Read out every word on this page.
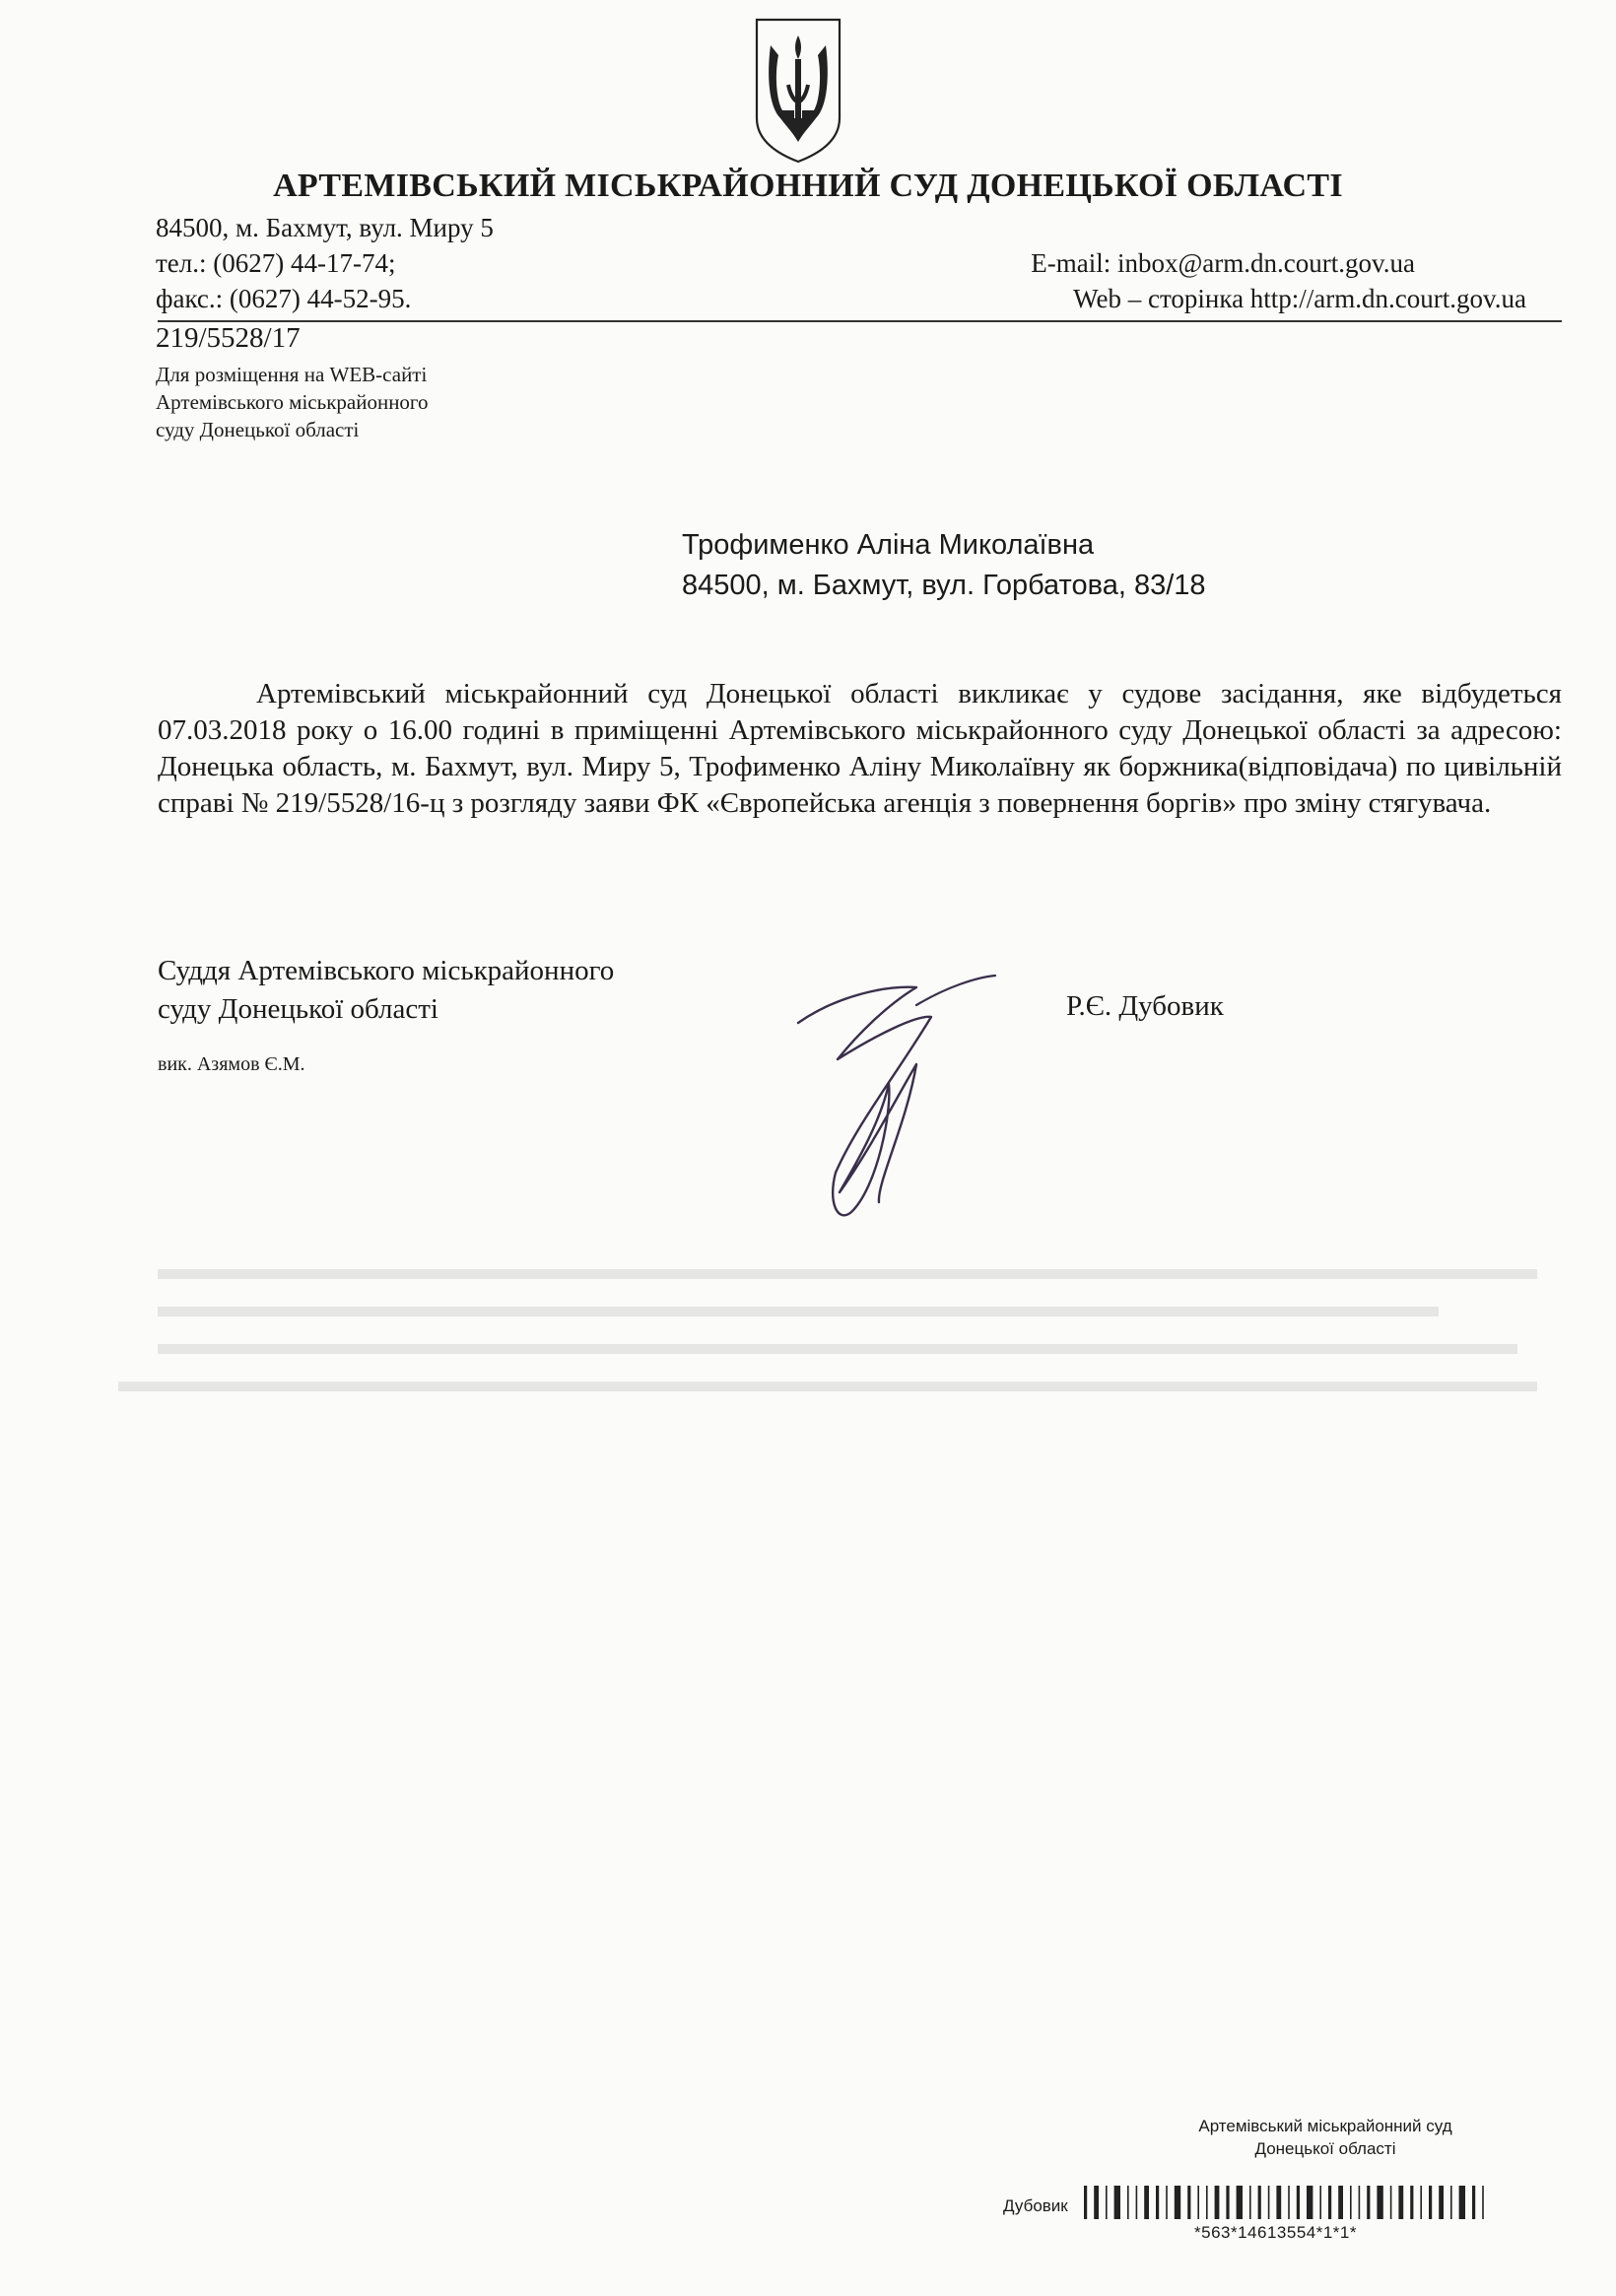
АРТЕМІВСЬКИЙ МІСЬКРАЙОННИЙ СУД ДОНЕЦЬКОЇ ОБЛАСТІ
84500, м. Бахмут, вул. Миру 5
тел.: (0627) 44-17-74;
факс.: (0627) 44-52-95.
E-mail: inbox@arm.dn.court.gov.ua
Web – сторінка http://arm.dn.court.gov.ua
219/5528/17
Для розміщення на WEB-сайті
Артемівського міськрайонного
суду Донецької області
Трофименко Аліна Миколаївна
84500, м. Бахмут, вул. Горбатова, 83/18
Артемівський міськрайонний суд Донецької області викликає у судове засідання, яке відбудеться 07.03.2018 року о 16.00 годині в приміщенні Артемівського міськрайонного суду Донецької області за адресою: Донецька область, м. Бахмут, вул. Миру 5, Трофименко Аліну Миколаївну як боржника(відповідача) по цивільній справі № 219/5528/16-ц з розгляду заяви ФК «Європейська агенція з повернення боргів» про зміну стягувача.
Суддя Артемівського міськрайонного
суду Донецької області	Р.Є. Дубовик
вик. Азямов Є.М.
Артемівський міськрайонний суд
Донецької області
Дубовик
*563*14613554*1*1*
